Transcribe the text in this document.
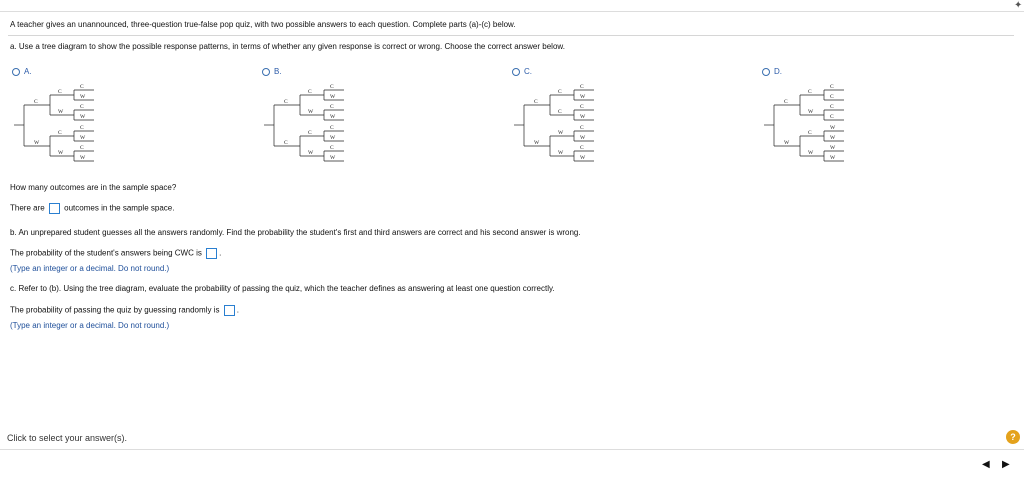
✦
A teacher gives an unannounced, three-question true-false pop quiz, with two possible answers to each question. Complete parts (a)-(c) below.
a. Use a tree diagram to show the possible response patterns, in terms of whether any given response is correct or wrong. Choose the correct answer below.
A.	B.	C.	D.
C
W
C
W
C
W
C
W
C
W
C
W
C
W
C
C
C
W
C
W
C
W
C
W
C
W
C
W
C
W
C
C
W
W
C
W
C
W
C
W
C
W
C
W
C
W
C
W
C
C
C
C
W
W
W
W
How many outcomes are in the sample space?
There are outcomes in the sample space.
b. An unprepared student guesses all the answers randomly. Find the probability the student's first and third answers are correct and his second answer is wrong.
The probability of the student's answers being CWC is .
(Type an integer or a decimal. Do not round.)
c. Refer to (b). Using the tree diagram, evaluate the probability of passing the quiz, which the teacher defines as answering at least one question correctly.
The probability of passing the quiz by guessing randomly is .
(Type an integer or a decimal. Do not round.)
Click to select your answer(s).	?
◀ ▶
